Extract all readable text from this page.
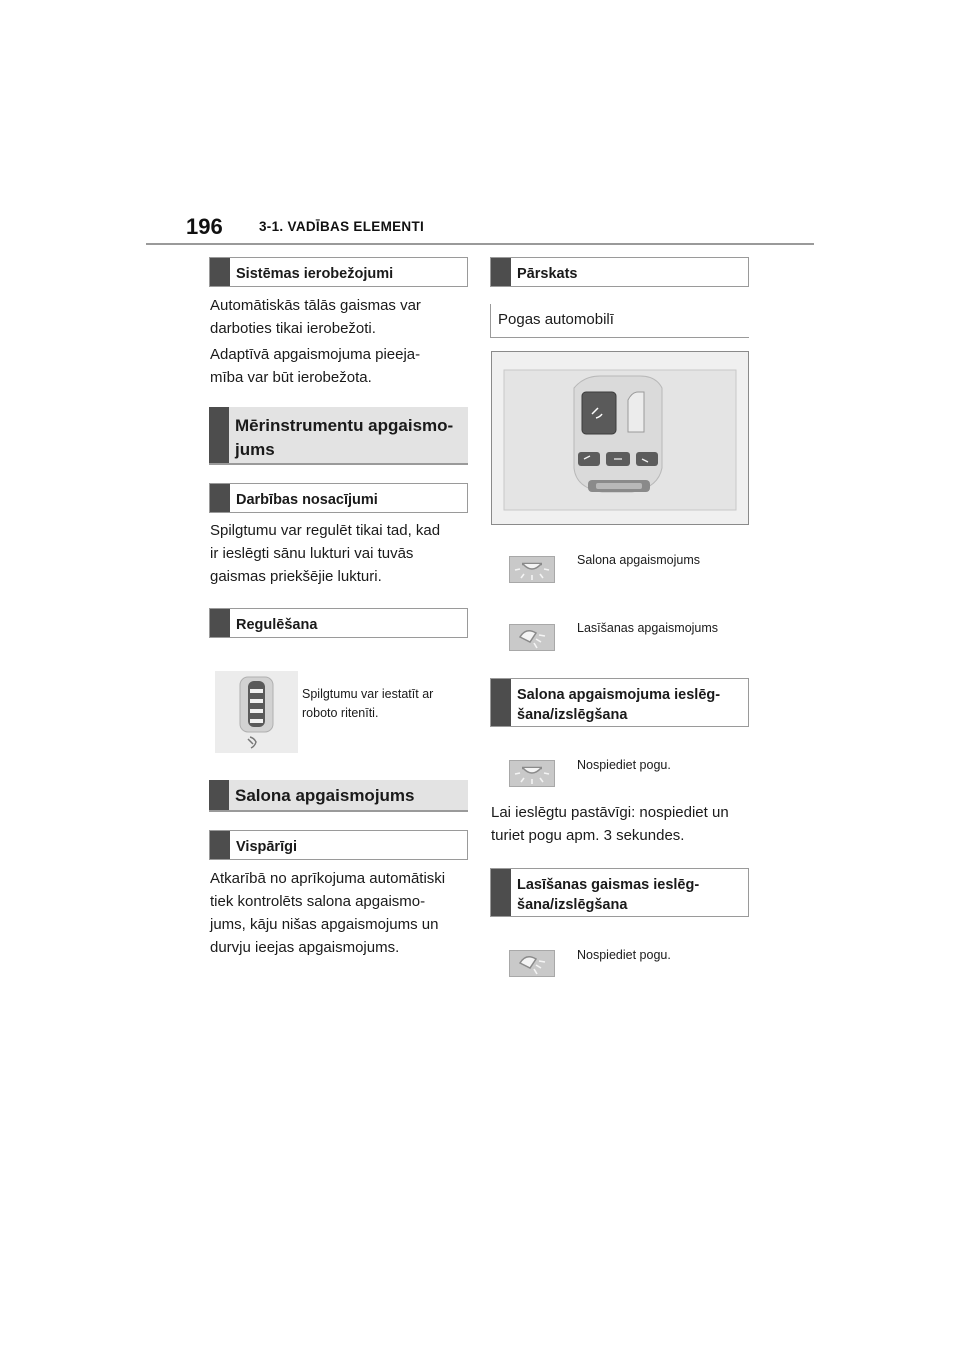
196	3-1. VADĪBAS ELEMENTI
Sistēmas ierobežojumi
Automātiskās tālās gaismas var
darboties tikai ierobežoti.
Adaptīvā apgaismojuma pieeja-
mība var būt ierobežota.
Mērinstrumentu apgaismo-
jums
Darbības nosacījumi
Spilgtumu var regulēt tikai tad, kad
ir ieslēgti sānu lukturi vai tuvās
gaismas priekšējie lukturi.
Regulēšana
Spilgtumu var iestatīt ar
roboto ritenīti.
Salona apgaismojums
Vispārīgi
Atkarībā no aprīkojuma automātiski
tiek kontrolēts salona apgaismo-
jums, kāju nišas apgaismojums un
durvju ieejas apgaismojums.
Pārskats
Pogas automobilī
Salona apgaismojums
Lasīšanas apgaismojums
Salona apgaismojuma ieslēg-
šana/izslēgšana
Nospiediet pogu.
Lai ieslēgtu pastāvīgi: nospiediet un
turiet pogu apm. 3 sekundes.
Lasīšanas gaismas ieslēg-
šana/izslēgšana
Nospiediet pogu.
